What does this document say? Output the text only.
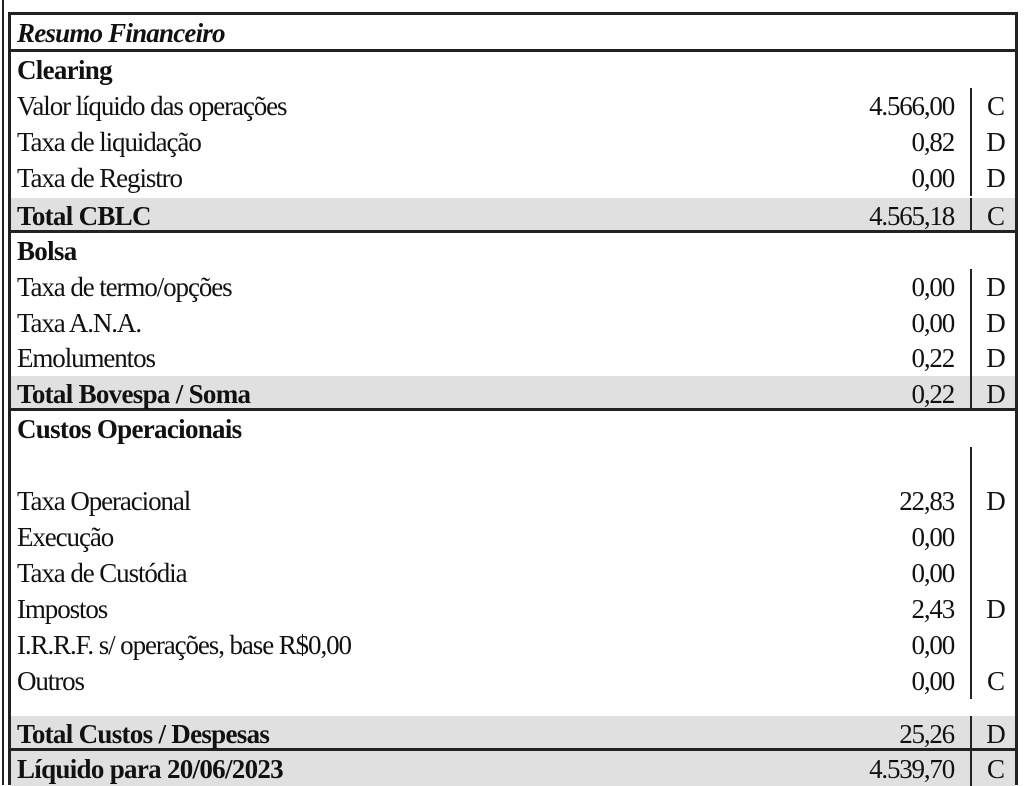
Resumo Financeiro
Clearing
Valor líquido das operações	4.566,00	C
Taxa de liquidação	0,82	D
Taxa de Registro	0,00	D
Total CBLC	4.565,18	C
Bolsa
Taxa de termo/opções	0,00	D
Taxa A.N.A.	0,00	D
Emolumentos	0,22	D
Total Bovespa / Soma	0,22	D
Custos Operacionais
Taxa Operacional	22,83	D
Execução	0,00
Taxa de Custódia	0,00
Impostos	2,43	D
I.R.R.F. s/ operações, base R$0,00	0,00
Outros	0,00	C
Total Custos / Despesas	25,26	D
Líquido para 20/06/2023	4.539,70	C
